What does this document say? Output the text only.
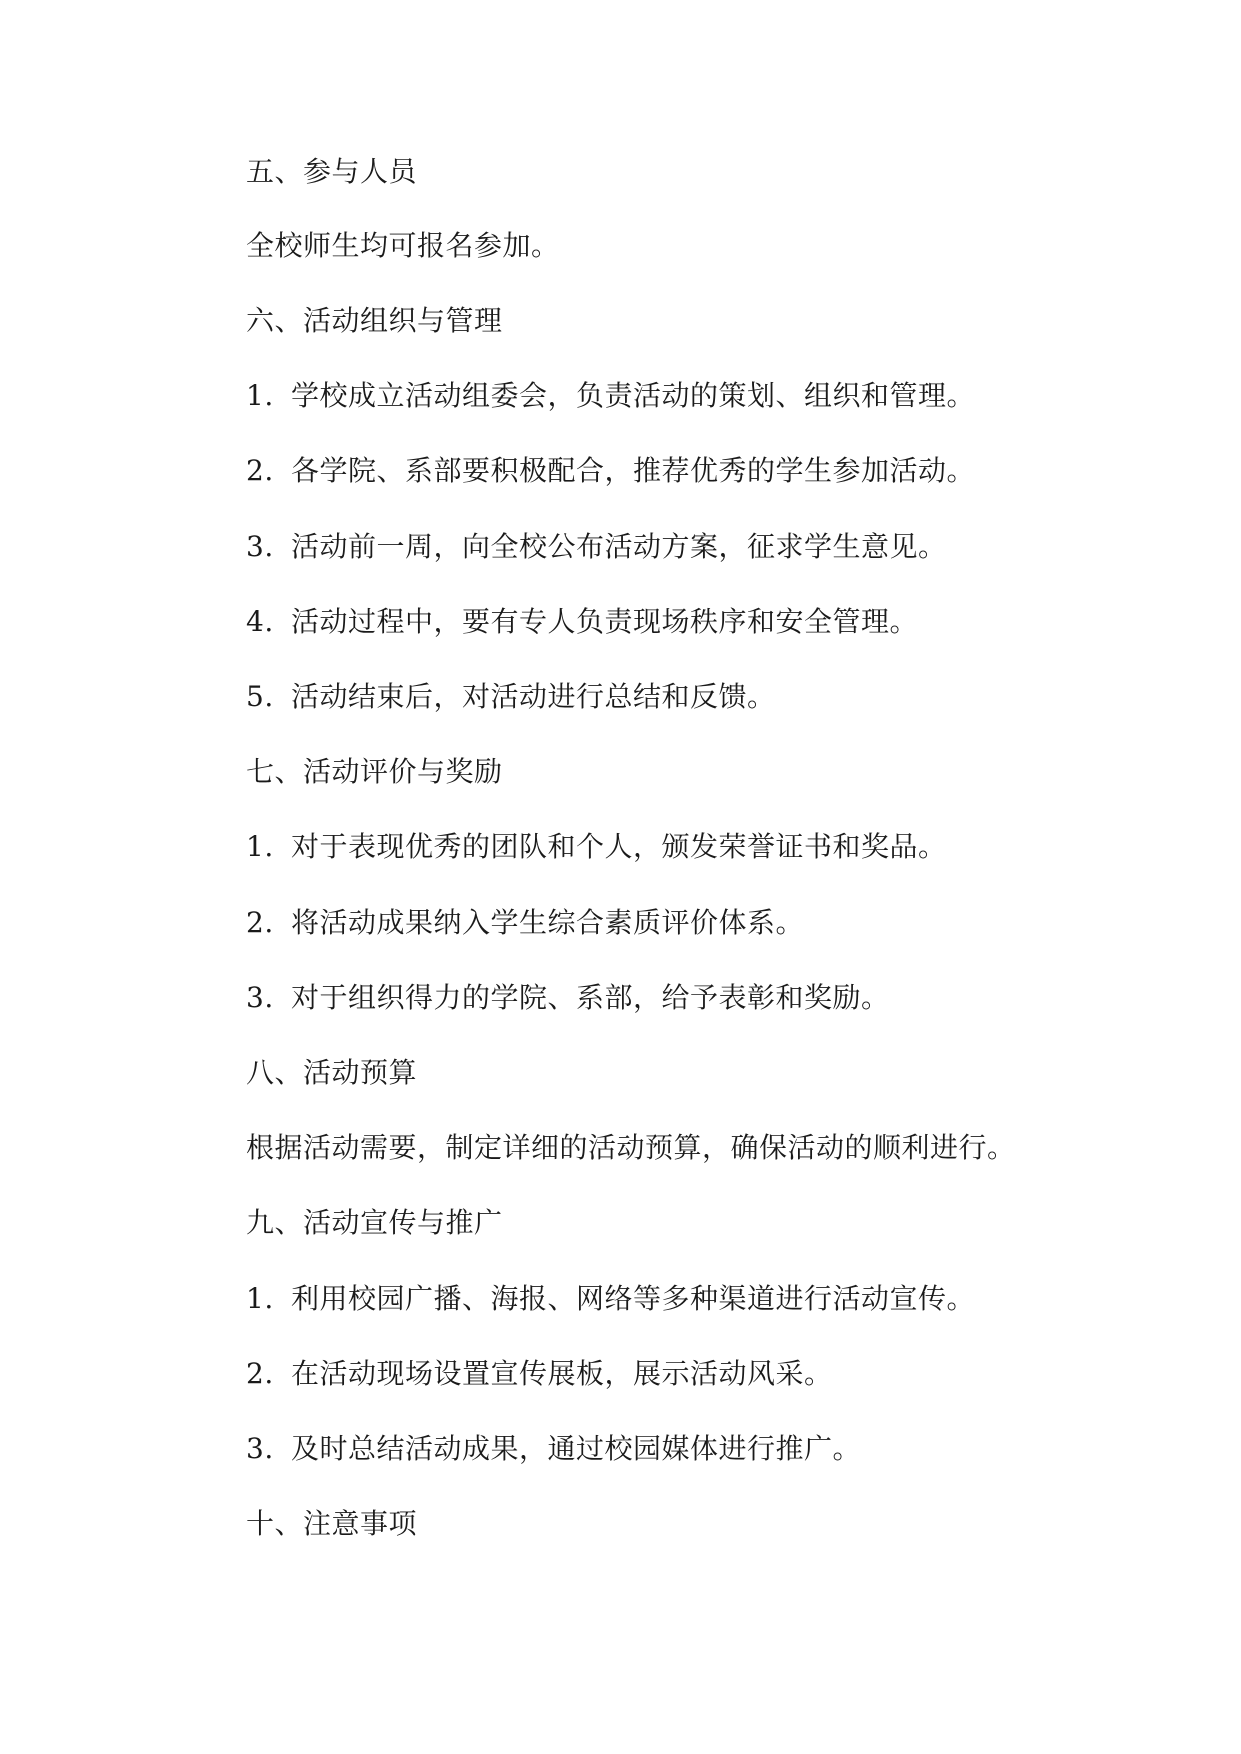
五、参与人员
全校师生均可报名参加。
六、活动组织与管理
1. 学校成立活动组委会，负责活动的策划、组织和管理。
2. 各学院、系部要积极配合，推荐优秀的学生参加活动。
3. 活动前一周，向全校公布活动方案，征求学生意见。
4. 活动过程中，要有专人负责现场秩序和安全管理。
5. 活动结束后，对活动进行总结和反馈。
七、活动评价与奖励
1. 对于表现优秀的团队和个人，颁发荣誉证书和奖品。
2. 将活动成果纳入学生综合素质评价体系。
3. 对于组织得力的学院、系部，给予表彰和奖励。
八、活动预算
根据活动需要，制定详细的活动预算，确保活动的顺利进行。
九、活动宣传与推广
1. 利用校园广播、海报、网络等多种渠道进行活动宣传。
2. 在活动现场设置宣传展板，展示活动风采。
3. 及时总结活动成果，通过校园媒体进行推广。
十、注意事项
